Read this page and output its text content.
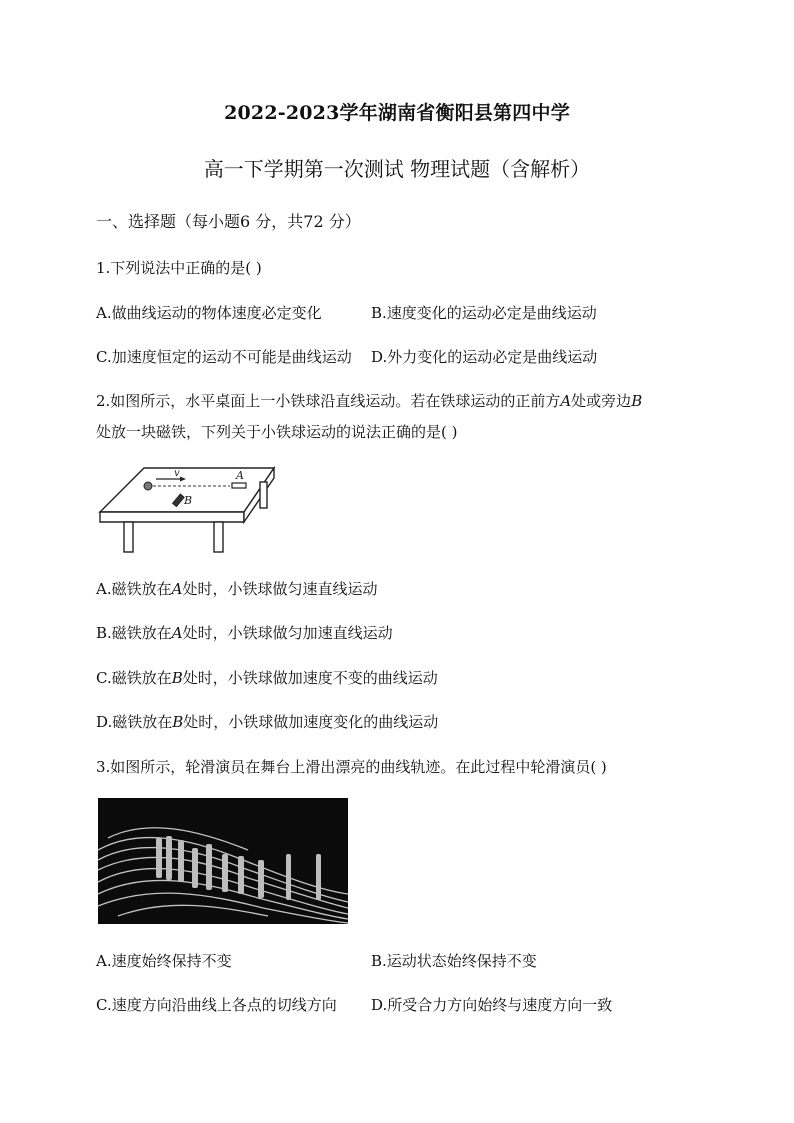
2022-2023学年湖南省衡阳县第四中学
高一下学期第一次测试 物理试题（含解析）
一、选择题（每小题6 分，共72 分）
1.下列说法中正确的是( )
A.做曲线运动的物体速度必定变化	B.速度变化的运动必定是曲线运动
C.加速度恒定的运动不可能是曲线运动 D.外力变化的运动必定是曲线运动
2.如图所示，水平桌面上一小铁球沿直线运动。若在铁球运动的正前方A处或旁边B
处放一块磁铁，下列关于小铁球运动的说法正确的是( )
v	A
B
A.磁铁放在A处时，小铁球做匀速直线运动
B.磁铁放在A处时，小铁球做匀加速直线运动
C.磁铁放在B处时，小铁球做加速度不变的曲线运动
D.磁铁放在B处时，小铁球做加速度变化的曲线运动
3.如图所示，轮滑演员在舞台上滑出漂亮的曲线轨迹。在此过程中轮滑演员( )
A.速度始终保持不变	B.运动状态始终保持不变
C.速度方向沿曲线上各点的切线方向 D.所受合力方向始终与速度方向一致
